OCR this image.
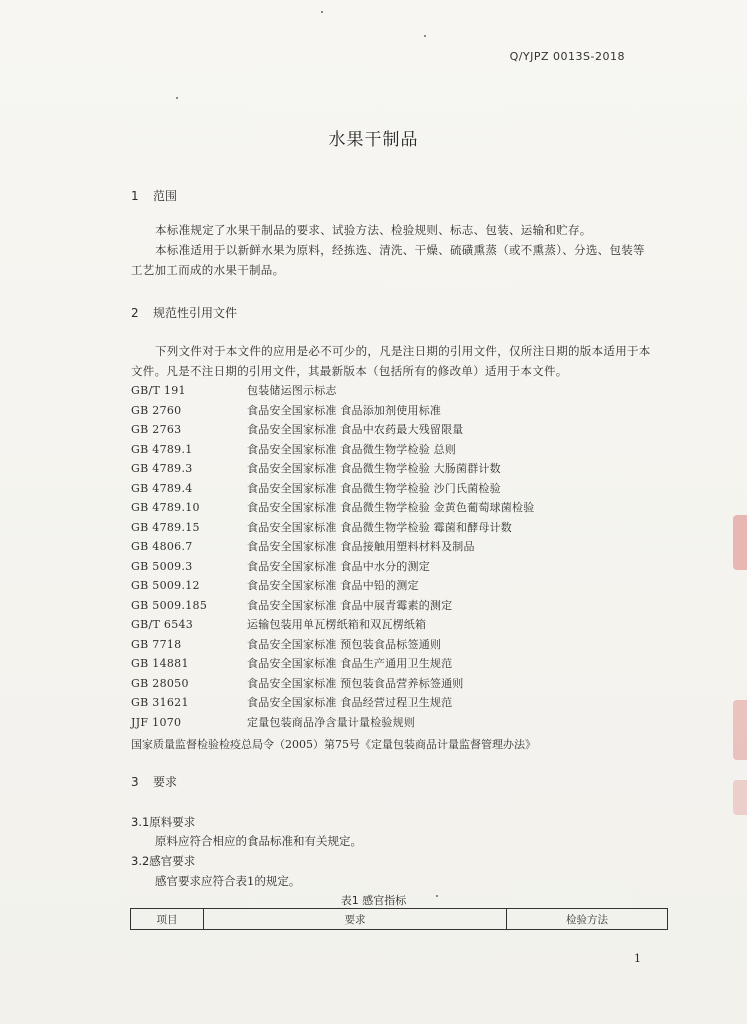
Q/YJPZ 0013S-2018
水果干制品
1 范围
本标准规定了水果干制品的要求、试验方法、检验规则、标志、包装、运输和贮存。
本标准适用于以新鲜水果为原料，经拣选、清洗、干燥、硫磺熏蒸（或不熏蒸）、分选、包装等工艺加工而成的水果干制品。
2 规范性引用文件
下列文件对于本文件的应用是必不可少的，凡是注日期的引用文件，仅所注日期的版本适用于本文件。凡是不注日期的引用文件，其最新版本（包括所有的修改单）适用于本文件。
GB/T 191	包装储运图示标志
GB 2760	食品安全国家标准 食品添加剂使用标准
GB 2763	食品安全国家标准 食品中农药最大残留限量
GB 4789.1	食品安全国家标准 食品微生物学检验 总则
GB 4789.3	食品安全国家标准 食品微生物学检验 大肠菌群计数
GB 4789.4	食品安全国家标准 食品微生物学检验 沙门氏菌检验
GB 4789.10	食品安全国家标准 食品微生物学检验 金黄色葡萄球菌检验
GB 4789.15	食品安全国家标准 食品微生物学检验 霉菌和酵母计数
GB 4806.7	食品安全国家标准 食品接触用塑料材料及制品
GB 5009.3	食品安全国家标准 食品中水分的测定
GB 5009.12	食品安全国家标准 食品中铅的测定
GB 5009.185	食品安全国家标准 食品中展青霉素的测定
GB/T 6543	运输包装用单瓦楞纸箱和双瓦楞纸箱
GB 7718	食品安全国家标准 预包装食品标签通则
GB 14881	食品安全国家标准 食品生产通用卫生规范
GB 28050	食品安全国家标准 预包装食品营养标签通则
GB 31621	食品安全国家标准 食品经营过程卫生规范
JJF 1070	定量包装商品净含量计量检验规则
国家质量监督检验检疫总局令（2005）第75号《定量包装商品计量监督管理办法》
3 要求
3.1原料要求
原料应符合相应的食品标准和有关规定。
3.2感官要求
感官要求应符合表1的规定。
表1 感官指标
项目	要求	检验方法
1
